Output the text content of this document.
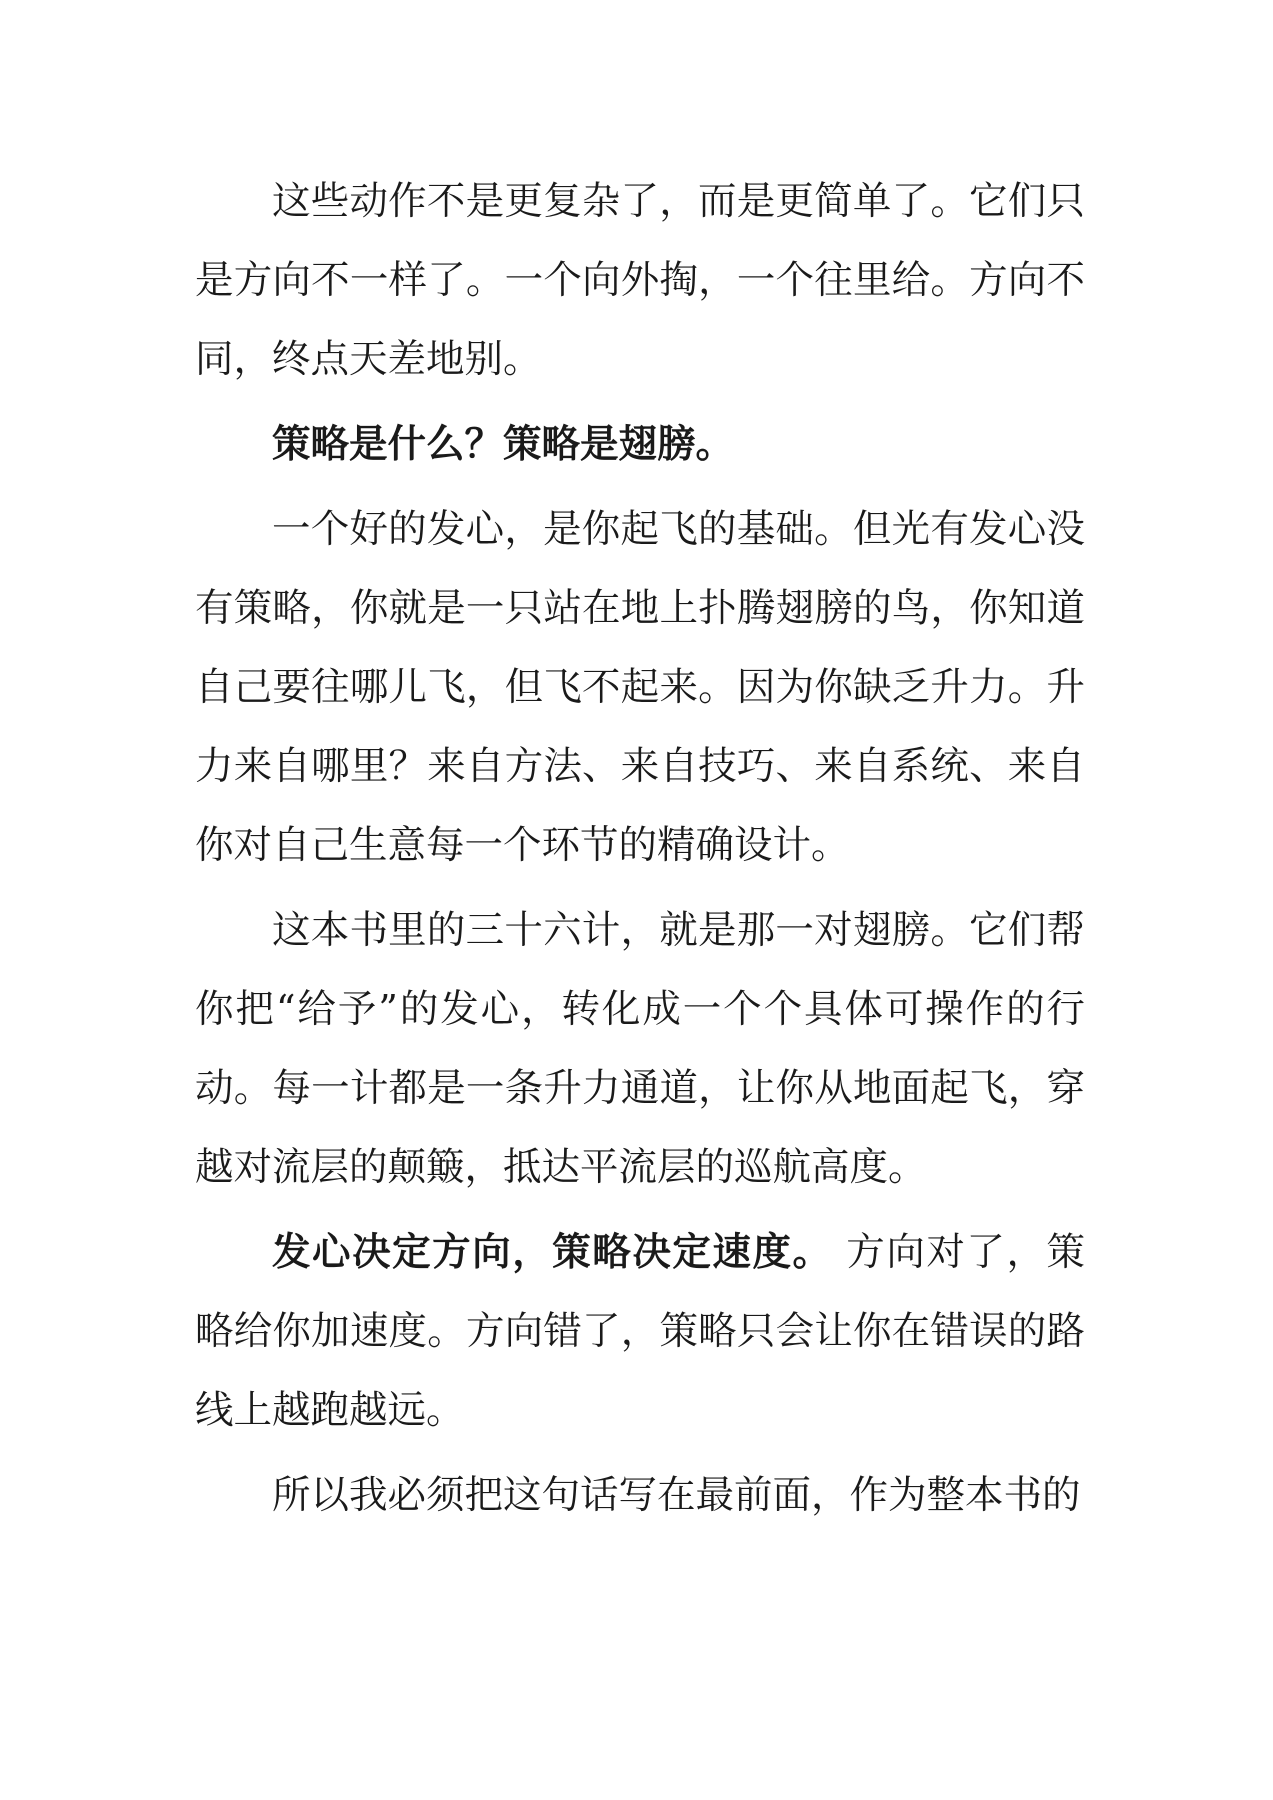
这些动作不是更复杂了，而是更简单了。它们只是方向不一样了。一个向外掏，一个往里给。方向不同，终点天差地别。

策略是什么？策略是翅膀。

一个好的发心，是你起飞的基础。但光有发心没有策略，你就是一只站在地上扑腾翅膀的鸟，你知道自己要往哪儿飞，但飞不起来。因为你缺乏升力。升力来自哪里？来自方法、来自技巧、来自系统、来自你对自己生意每一个环节的精确设计。

这本书里的三十六计，就是那一对翅膀。它们帮你把“给予”的发心，转化成一个个具体可操作的行动。每一计都是一条升力通道，让你从地面起飞，穿越对流层的颠簸，抵达平流层的巡航高度。

发心决定方向，策略决定速度。 方向对了，策略给你加速度。方向错了，策略只会让你在错误的路线上越跑越远。

所以我必须把这句话写在最前面，作为整本书的
